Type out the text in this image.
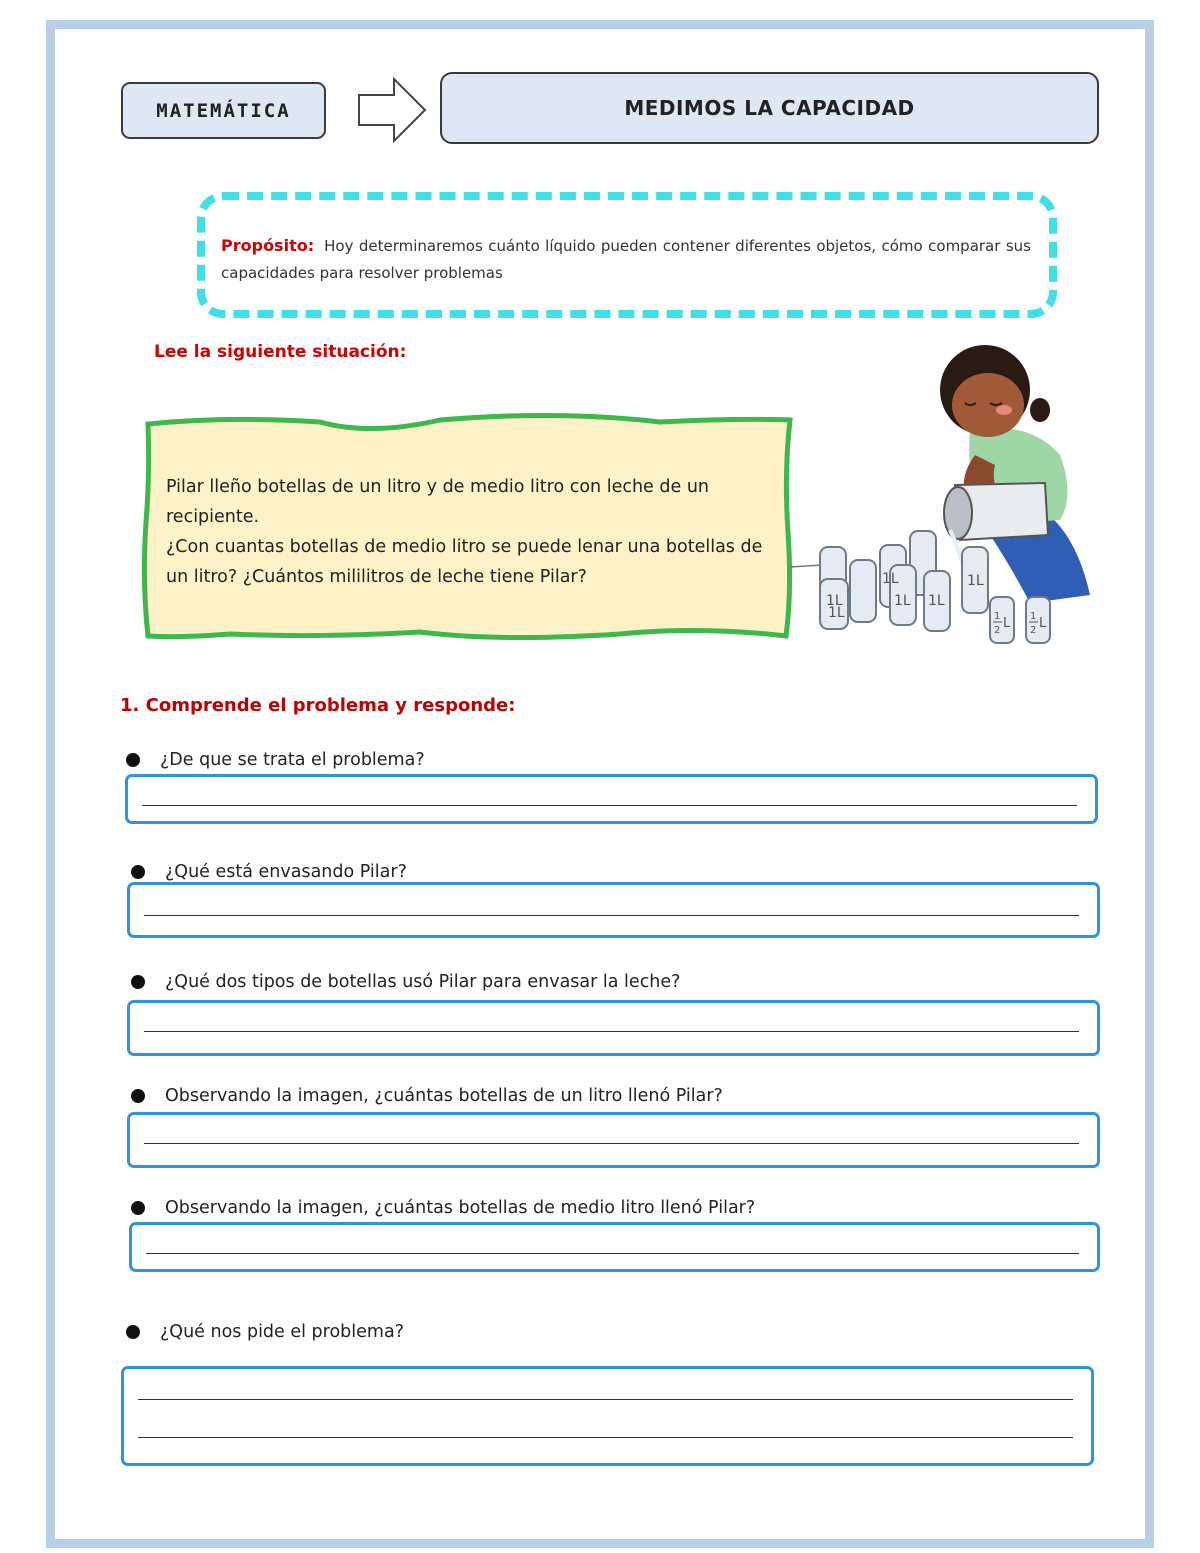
MATEMÁTICA	MEDIMOS LA CAPACIDAD
Propósito: Hoy determinaremos cuánto líquido pueden contener diferentes objetos, cómo comparar sus capacidades para resolver problemas
Lee la siguiente situación:
Pilar lleño botellas de un litro y de medio litro con leche de un recipiente.
¿Con cuantas botellas de medio litro se puede lenar una botellas de un litro? ¿Cuántos mililitros de leche tiene Pilar?
1L	1L 1L
1L
1L
1L	1
2 L 1
2 L
1. Comprende el problema y responde:
¿De que se trata el problema?
¿Qué está envasando Pilar?
¿Qué dos tipos de botellas usó Pilar para envasar la leche?
Observando la imagen, ¿cuántas botellas de un litro llenó Pilar?
Observando la imagen, ¿cuántas botellas de medio litro llenó Pilar?
¿Qué nos pide el problema?
